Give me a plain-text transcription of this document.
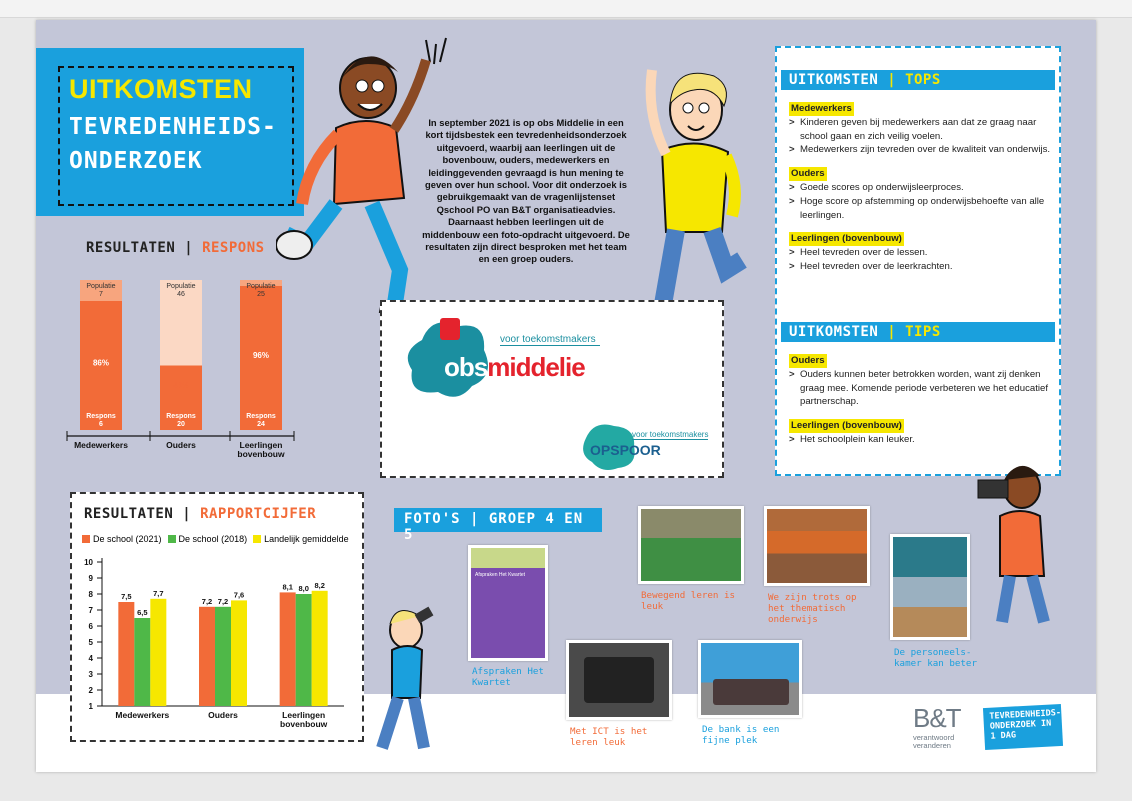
UITKOMSTEN
TEVREDENHEIDS-
ONDERZOEK
In september 2021 is op obs Middelie in een kort tijdsbestek een tevredenheidsonderzoek uitgevoerd, waarbij aan leerlingen uit de bovenbouw, ouders, medewerkers en leidinggevenden gevraagd is hun mening te geven over hun school. Voor dit onderzoek is gebruikgemaakt van de vragenlijstenset Qschool PO van B&T organisatieadvies. Daarnaast hebben leerlingen uit de middenbouw een foto-opdracht uitgevoerd. De resultaten zijn direct besproken met het team en een groep ouders.
voor toekomstmakers
obsmiddelie
voor toekomstmakers
OPSPOOR
RESULTATEN | RESPONS
Populatie
7
86%
Respons
6
Medewerkers
Populatie
46
43%
Respons
20
Ouders
Populatie
25
96%
Respons
24
Leerlingen
bovenbouw
RESULTATEN | RAPPORTCIJFER
De school (2021) De school (2018) Landelijk gemiddelde
1
2
3
4
5
6
7
8
9
10
7,5
6,5
7,7
Medewerkers
7,2 7,2
7,6
Ouders
8,1 8,0 8,2
Leerlingen
bovenbouw
UITKOMSTEN | TOPS
Medewerkers
> Kinderen geven bij medewerkers aan dat ze graag naar school gaan en zich veilig voelen.
> Medewerkers zijn tevreden over de kwaliteit van onderwijs.
Ouders
> Goede scores op onderwijsleerproces.
> Hoge score op afstemming op onderwijsbehoefte van alle leerlingen.
Leerlingen (bovenbouw)
> Heel tevreden over de lessen.
> Heel tevreden over de leerkrachten.
UITKOMSTEN | TIPS
Ouders
> Ouders kunnen beter betrokken worden, want zij denken graag mee. Komende periode verbeteren we het educatief partnerschap.
Leerlingen (bovenbouw)
> Het schoolplein kan leuker.
FOTO'S | GROEP 4 EN 5
Afspraken Het Kwartet
Afspraken Het Kwartet
Bewegend leren is leuk
We zijn trots op het thematisch onderwijs
De personeels-kamer kan beter
Met ICT is het leren leuk
De bank is een fijne plek
B&T
verantwoord veranderen
TEVREDENHEIDS-ONDERZOEK IN 1 DAG
